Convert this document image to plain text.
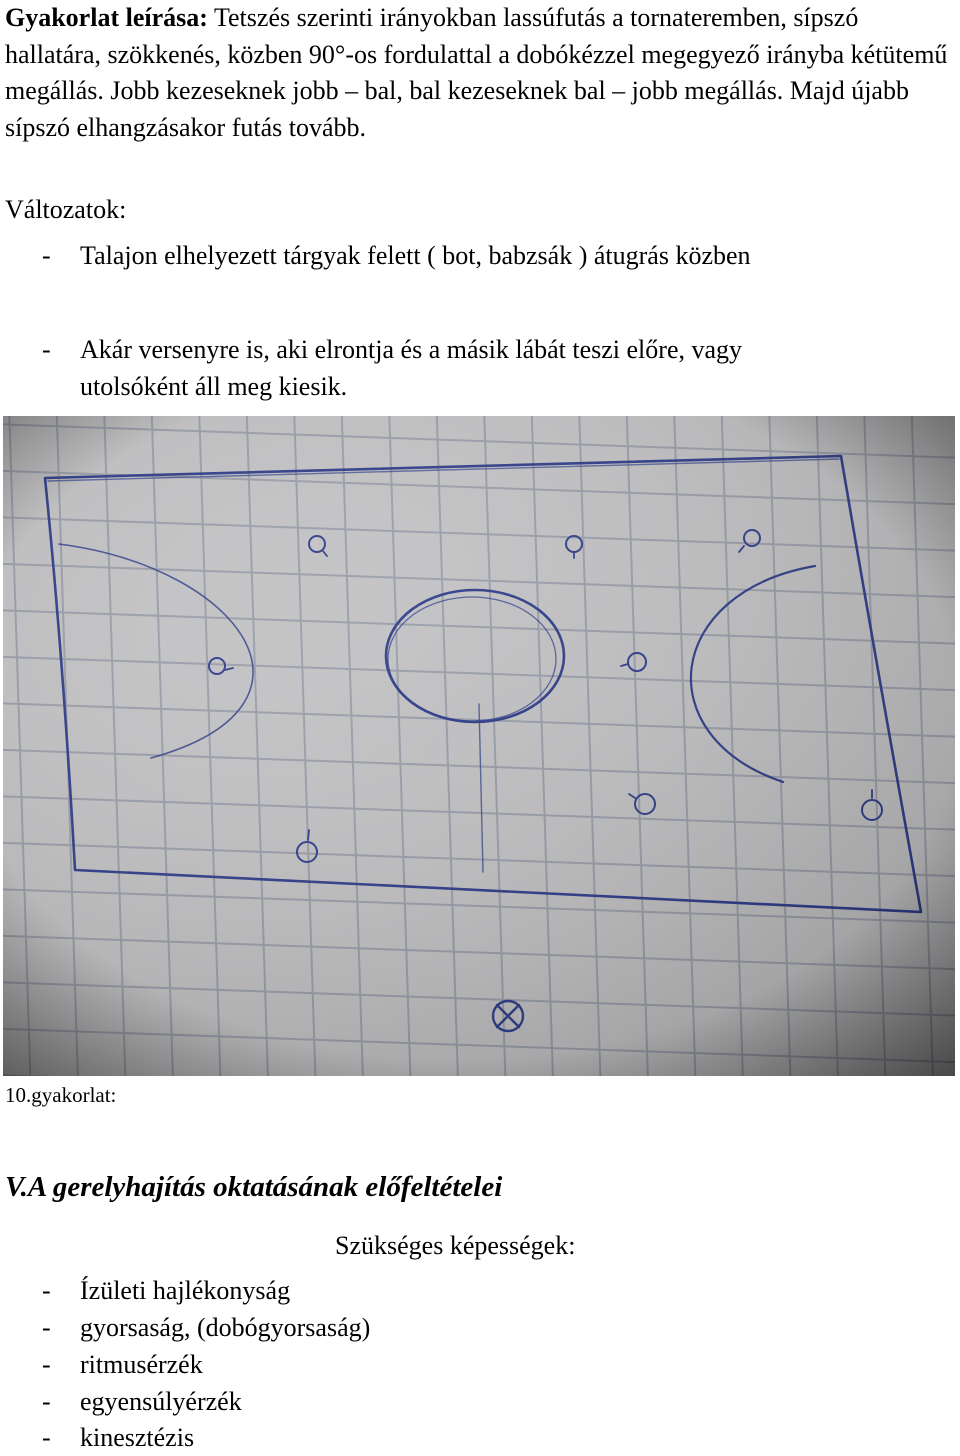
Gyakorlat leírása: Tetszés szerinti irányokban lassúfutás a tornateremben, sípszó hallatára, szökkenés, közben 90°-os fordulattal a dobókézzel megegyező irányba kétütemű megállás. Jobb kezeseknek jobb – bal, bal kezeseknek bal – jobb megállás. Majd újabb sípszó elhangzásakor futás tovább.
Változatok:
- Talajon elhelyezett tárgyak felett ( bot, babzsák ) átugrás közben
- Akár versenyre is, aki elrontja és a másik lábát teszi előre, vagy
utolsóként áll meg kiesik.
10.gyakorlat:
V.A gerelyhajítás oktatásának előfeltételei
Szükséges képességek:
- Ízületi hajlékonyság
- gyorsaság, (dobógyorsaság)
- ritmusérzék
- egyensúlyérzék
- kinesztézis
